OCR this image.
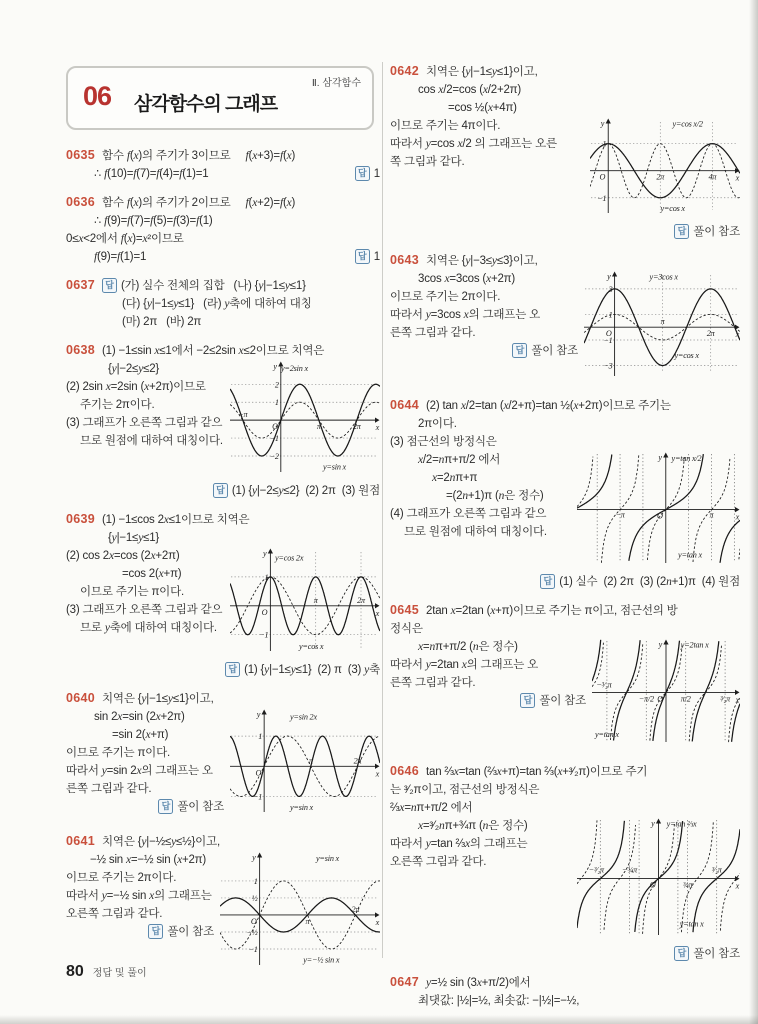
Ⅱ. 삼각함수
06 삼각함수의 그래프
0635 함수 f(x)의 주기가 3이므로     f(x+3)=f(x)
∴ f(10)=f(7)=f(4)=f(1)=1	답 1
0636 함수 f(x)의 주기가 2이므로     f(x+2)=f(x)
∴ f(9)=f(7)=f(5)=f(3)=f(1)
0≤x<2에서 f(x)=x²이므로
f(9)=f(1)=1	답 1
0637 답 (가) 실수 전체의 집합   (나) {y|−1≤y≤1}
(다) {y|−1≤y≤1}   (라) y축에 대하여 대칭
(마) 2π   (바) 2π
0638 (1) −1≤sin x≤1에서 −2≤2sin x≤2이므로 치역은
−π
π	2π
2
1
−1
−2
O	x
y y=2sin x
y=sin x
{y|−2≤y≤2}
(2) 2sin x=2sin (x+2π)이므로
주기는 2π이다.
(3) 그래프가 오른쪽 그림과 같으
므로 원점에 대하여 대칭이다.
답 (1) {y|−2≤y≤2}  (2) 2π  (3) 원점
0639 (1) −1≤cos 2x≤1이므로 치역은
{y|−1≤y≤1}
π	2π
1
−1
O	x
y y=cos 2x
y=cos x
(2) cos 2x=cos (2x+2π)
=cos 2(x+π)
이므로 주기는 π이다.
(3) 그래프가 오른쪽 그림과 같으
므로 y축에 대하여 대칭이다.
답 (1) {y|−1≤y≤1}  (2) π  (3) y축
0640 치역은 {y|−1≤y≤1}이고,
π	2π
1
−1
O	x
y	y=sin 2x
y=sin x
sin 2x=sin (2x+2π)
=sin 2(x+π)
이므로 주기는 π이다.
따라서 y=sin 2x의 그래프는 오
른쪽 그림과 같다.
답 풀이 참조
0641 치역은 {y|−½≤y≤½}이고,
π
2π
1
½
−1
−½
O	x
y	y=sin x
y=−½ sin x
−½ sin x=−½ sin (x+2π)
이므로 주기는 2π이다.
따라서 y=−½ sin x의 그래프는
오른쪽 그림과 같다.
답 풀이 참조
0642 치역은 {y|−1≤y≤1}이고,
cos x/2=cos (x/2+2π)
=cos ½(x+4π)
2π	4π
1
−1
O	x
y	y=cos x/2
y=cos x
이므로 주기는 4π이다.
따라서 y=cos x/2 의 그래프는 오른
쪽 그림과 같다.
답 풀이 참조
0643 치역은 {y|−3≤y≤3}이고,
π
2π
3
1
−1
−3
O	x
y	y=3cos x
y=cos x
3cos x=3cos (x+2π)
이므로 주기는 2π이다.
따라서 y=3cos x의 그래프는 오
른쪽 그림과 같다.
답 풀이 참조
0644 (2) tan x/2=tan (x/2+π)=tan ½(x+2π)이므로 주기는
2π이다.
(3) 점근선의 방정식은
−π	π
O	x
y y=tan x/2
y=tan x
x/2=nπ+π/2 에서
x=2nπ+π
=(2n+1)π (n은 정수)
(4) 그래프가 오른쪽 그림과 같으
므로 원점에 대하여 대칭이다.
답 (1) 실수  (2) 2π  (3) (2n+1)π  (4) 원점
0645 2tan x=2tan (x+π)이므로 주기는 π이고, 점근선의 방
정식은
−³⁄₂π
−π/2	π/2	³⁄₂π
O	x
y y=2tan x
y=tan x
x=nπ+π/2 (n은 정수)
따라서 y=2tan x의 그래프는 오
른쪽 그림과 같다.
답 풀이 참조
0646 tan ⅔x=tan (⅔x+π)=tan ⅔(x+³⁄₂π)이므로 주기
는 ³⁄₂π이고, 점근선의 방정식은
⅔x=nπ+π/2 에서
−³⁄₂π −¾π
¾π
³⁄₂π
O	x
y y=tan ⅔x
y=tan x
x=³⁄₂nπ+¾π (n은 정수)
따라서 y=tan ⅔x의 그래프는
오른쪽 그림과 같다.
답 풀이 참조
0647 y=½ sin (3x+π/2)에서
최댓값: |½|=½, 최솟값: −|½|=−½,
80 정답 및 풀이
